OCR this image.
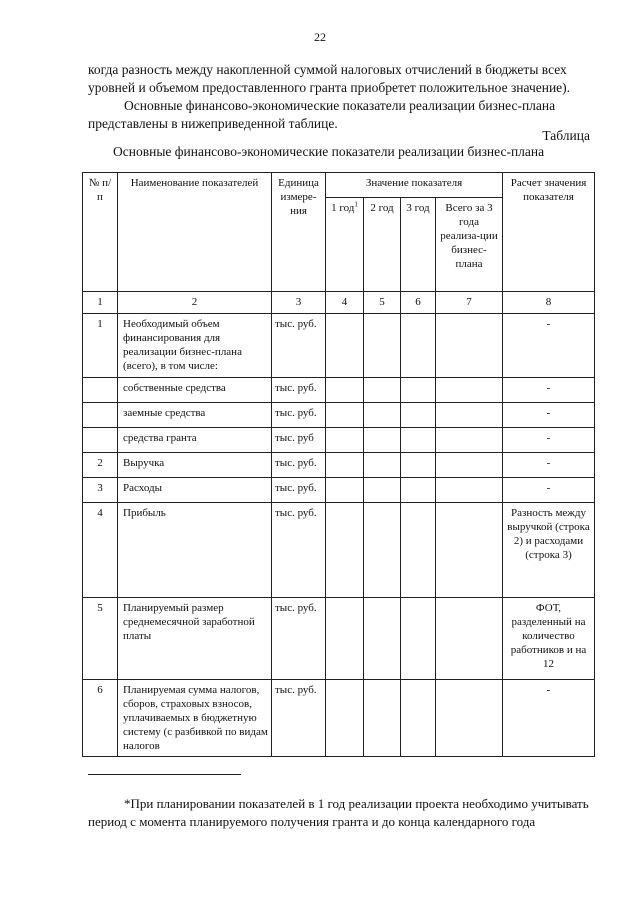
22
когда разность между накопленной суммой налоговых отчислений в бюджеты всех
уровней и объемом предоставленного гранта приобретет положительное значение).
Основные финансово-экономические показатели реализации бизнес-плана
представлены в нижеприведенной таблице.
Таблица
Основные финансово-экономические показатели реализации бизнес-плана
№ п/п	Наименование показателей	Единица измере-ния	Значение показателя				Расчет значения показателя
			1 год$^1$	2 год	3 год	Всего за 3 года реализа-ции бизнес-плана	
1	2	3	4	5	6	7	8
1	Необходимый объем финансирования для реализации бизнес-плана (всего), в том числе:	тыс. руб.					-
	собственные средства	тыс. руб.					-
	заемные средства	тыс. руб.					-
	средства гранта	тыс. руб					-
2	Выручка	тыс. руб.					-
3	Расходы	тыс. руб.					-
4	Прибыль	тыс. руб.					Разность между выручкой (строка 2) и расходами (строка 3)
5	Планируемый размер среднемесячной заработной платы	тыс. руб.					ФОТ, разделенный на количество работников и на 12
6	Планируемая сумма налогов, сборов, страховых взносов, уплачиваемых в бюджетную систему (с разбивкой по видам налогов	тыс. руб.					-
*При планировании показателей в 1 год реализации проекта необходимо учитывать
период с момента планируемого получения гранта и до конца календарного года
